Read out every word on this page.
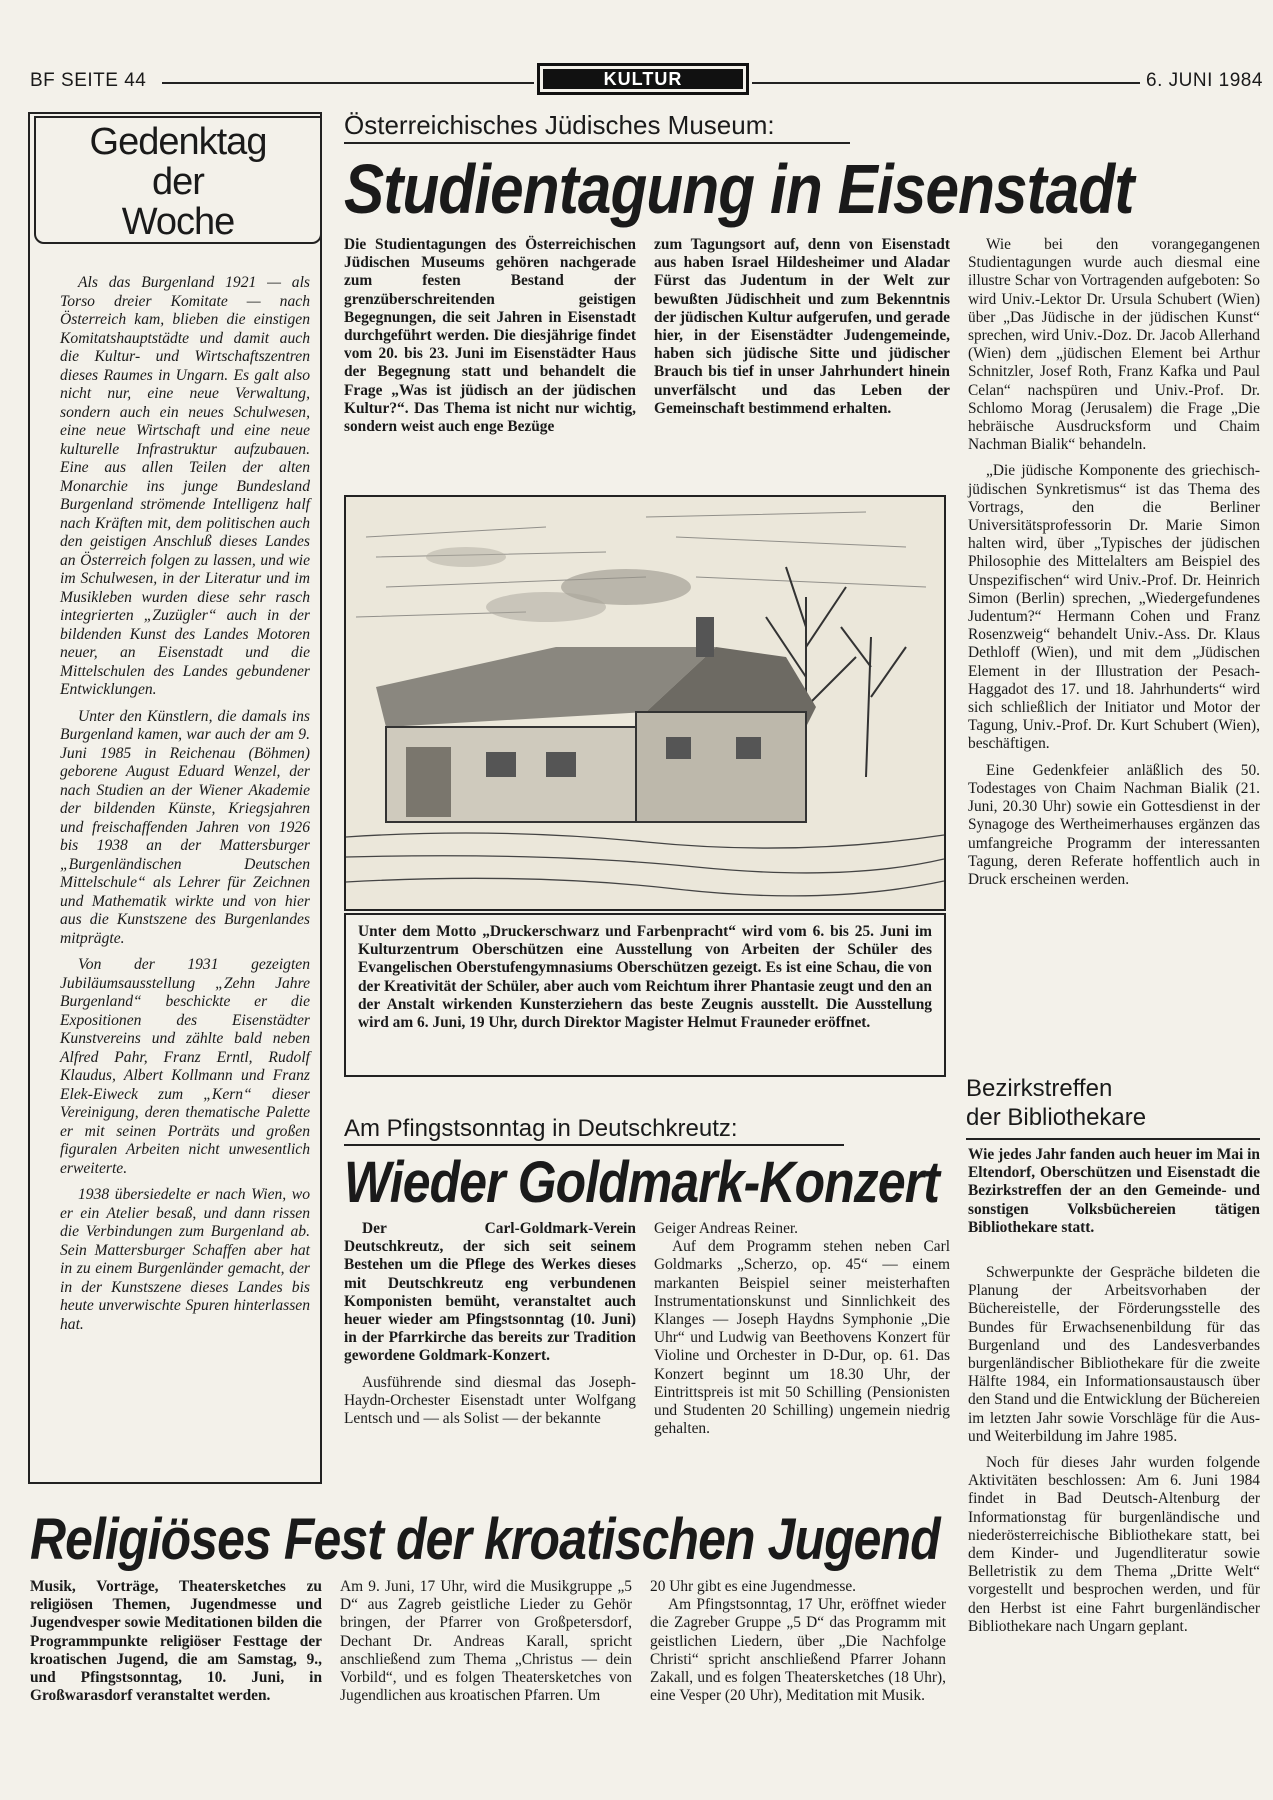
BF SEITE 44	KULTUR	6. JUNI 1984
Gedenktag
der
Woche

Als das Burgenland 1921 — als Torso dreier Komitate — nach Österreich kam, blieben die einstigen Komitatshauptstädte und damit auch die Kultur- und Wirtschaftszentren dieses Raumes in Ungarn. Es galt also nicht nur, eine neue Verwaltung, sondern auch ein neues Schulwesen, eine neue Wirtschaft und eine neue kulturelle Infrastruktur aufzubauen. Eine aus allen Teilen der alten Monarchie ins junge Bundesland Burgenland strömende Intelligenz half nach Kräften mit, dem politischen auch den geistigen Anschluß dieses Landes an Österreich folgen zu lassen, und wie im Schulwesen, in der Literatur und im Musikleben wurden diese sehr rasch integrierten „Zuzügler“ auch in der bildenden Kunst des Landes Motoren neuer, an Eisenstadt und die Mittelschulen des Landes gebundener Entwicklungen.

Unter den Künstlern, die damals ins Burgenland kamen, war auch der am 9. Juni 1985 in Reichenau (Böhmen) geborene August Eduard Wenzel, der nach Studien an der Wiener Akademie der bildenden Künste, Kriegsjahren und freischaffenden Jahren von 1926 bis 1938 an der Mattersburger „Burgenländischen Deutschen Mittelschule“ als Lehrer für Zeichnen und Mathematik wirkte und von hier aus die Kunstszene des Burgenlandes mitprägte.

Von der 1931 gezeigten Jubiläumsausstellung „Zehn Jahre Burgenland“ beschickte er die Expositionen des Eisenstädter Kunstvereins und zählte bald neben Alfred Pahr, Franz Erntl, Rudolf Klaudus, Albert Kollmann und Franz Elek-Eiweck zum „Kern“ dieser Vereinigung, deren thematische Palette er mit seinen Porträts und großen figuralen Arbeiten nicht unwesentlich erweiterte.

1938 übersiedelte er nach Wien, wo er ein Atelier besaß, und dann rissen die Verbindungen zum Burgenland ab. Sein Mattersburger Schaffen aber hat in zu einem Burgenländer gemacht, der in der Kunstszene dieses Landes bis heute unverwischte Spuren hinterlassen hat.

Österreichisches Jüdisches Museum:
Studientagung in Eisenstadt
Die Studientagungen des Österreichischen Jüdischen Museums gehören nachgerade zum festen Bestand der grenzüberschreitenden geistigen Begegnungen, die seit Jahren in Eisenstadt durchgeführt werden. Die diesjährige findet vom 20. bis 23. Juni im Eisenstädter Haus der Begegnung statt und behandelt die Frage „Was ist jüdisch an der jüdischen Kultur?“. Das Thema ist nicht nur wichtig, sondern weist auch enge Bezüge
zum Tagungsort auf, denn von Eisenstadt aus haben Israel Hildesheimer und Aladar Fürst das Judentum in der Welt zur bewußten Jüdischheit und zum Bekenntnis der jüdischen Kultur aufgerufen, und gerade hier, in der Eisenstädter Judengemeinde, haben sich jüdische Sitte und jüdischer Brauch bis tief in unser Jahrhundert hinein unverfälscht und das Leben der Gemeinschaft bestimmend erhalten.

Wie bei den vorangegangenen Studientagungen wurde auch diesmal eine illustre Schar von Vortragenden aufgeboten: So wird Univ.-Lektor Dr. Ursula Schubert (Wien) über „Das Jüdische in der jüdischen Kunst“ sprechen, wird Univ.-Doz. Dr. Jacob Allerhand (Wien) dem „jüdischen Element bei Arthur Schnitzler, Josef Roth, Franz Kafka und Paul Celan“ nachspüren und Univ.-Prof. Dr. Schlomo Morag (Jerusalem) die Frage „Die hebräische Ausdrucksform und Chaim Nachman Bialik“ behandeln.

„Die jüdische Komponente des griechisch-jüdischen Synkretismus“ ist das Thema des Vortrags, den die Berliner Universitätsprofessorin Dr. Marie Simon halten wird, über „Typisches der jüdischen Philosophie des Mittelalters am Beispiel des Unspezifischen“ wird Univ.-Prof. Dr. Heinrich Simon (Berlin) sprechen, „Wiedergefundenes Judentum?“ Hermann Cohen und Franz Rosenzweig“ behandelt Univ.-Ass. Dr. Klaus Dethloff (Wien), und mit dem „Jüdischen Element in der Illustration der Pesach-Haggadot des 17. und 18. Jahrhunderts“ wird sich schließlich der Initiator und Motor der Tagung, Univ.-Prof. Dr. Kurt Schubert (Wien), beschäftigen.

Eine Gedenkfeier anläßlich des 50. Todestages von Chaim Nachman Bialik (21. Juni, 20.30 Uhr) sowie ein Gottesdienst in der Synagoge des Wertheimerhauses ergänzen das umfangreiche Programm der interessanten Tagung, deren Referate hoffentlich auch in Druck erscheinen werden.

Unter dem Motto „Druckerschwarz und Farbenpracht“ wird vom 6. bis 25. Juni im Kulturzentrum Oberschützen eine Ausstellung von Arbeiten der Schüler des Evangelischen Oberstufengymnasiums Oberschützen gezeigt. Es ist eine Schau, die von der Kreativität der Schüler, aber auch vom Reichtum ihrer Phantasie zeugt und den an der Anstalt wirkenden Kunsterziehern das beste Zeugnis ausstellt. Die Ausstellung wird am 6. Juni, 19 Uhr, durch Direktor Magister Helmut Frauneder eröffnet.
Bezirkstreffen
der Bibliothekare
Wie jedes Jahr fanden auch heuer im Mai in Eltendorf, Oberschützen und Eisenstadt die Bezirkstreffen der an den Gemeinde- und sonstigen Volksbüchereien tätigen Bibliothekare statt.

Schwerpunkte der Gespräche bildeten die Planung der Arbeitsvorhaben der Büchereistelle, der Förderungsstelle des Bundes für Erwachsenenbildung für das Burgenland und des Landesverbandes burgenländischer Bibliothekare für die zweite Hälfte 1984, ein Informationsaustausch über den Stand und die Entwicklung der Büchereien im letzten Jahr sowie Vorschläge für die Aus- und Weiterbildung im Jahre 1985.

Noch für dieses Jahr wurden folgende Aktivitäten beschlossen: Am 6. Juni 1984 findet in Bad Deutsch-Altenburg der Informationstag für burgenländische und niederösterreichische Bibliothekare statt, bei dem Kinder- und Jugendliteratur sowie Belletristik zu dem Thema „Dritte Welt“ vorgestellt und besprochen werden, und für den Herbst ist eine Fahrt burgenländischer Bibliothekare nach Ungarn geplant.

Am Pfingstsonntag in Deutschkreutz:
Wieder Goldmark-Konzert

Der Carl-Goldmark-Verein Deutschkreutz, der sich seit seinem Bestehen um die Pflege des Werkes dieses mit Deutschkreutz eng verbundenen Komponisten bemüht, veranstaltet auch heuer wieder am Pfingstsonntag (10. Juni) in der Pfarrkirche das bereits zur Tradition gewordene Goldmark-Konzert.

Ausführende sind diesmal das Joseph-Haydn-Orchester Eisenstadt unter Wolfgang Lentsch und — als Solist — der bekannte

Geiger Andreas Reiner.

Auf dem Programm stehen neben Carl Goldmarks „Scherzo, op. 45“ — einem markanten Beispiel seiner meisterhaften Instrumentationskunst und Sinnlichkeit des Klanges — Joseph Haydns Symphonie „Die Uhr“ und Ludwig van Beethovens Konzert für Violine und Orchester in D-Dur, op. 61. Das Konzert beginnt um 18.30 Uhr, der Eintrittspreis ist mit 50 Schilling (Pensionisten und Studenten 20 Schilling) ungemein niedrig gehalten.

Religiöses Fest der kroatischen Jugend
Musik, Vorträge, Theatersketches zu religiösen Themen, Jugendmesse und Jugendvesper sowie Meditationen bilden die Programmpunkte religiöser Festtage der kroatischen Jugend, die am Samstag, 9., und Pfingstsonntag, 10. Juni, in Großwarasdorf veranstaltet werden.
Am 9. Juni, 17 Uhr, wird die Musikgruppe „5 D“ aus Zagreb geistliche Lieder zu Gehör bringen, der Pfarrer von Großpetersdorf, Dechant Dr. Andreas Karall, spricht anschließend zum Thema „Christus — dein Vorbild“, und es folgen Theatersketches von Jugendlichen aus kroatischen Pfarren. Um

20 Uhr gibt es eine Jugendmesse.

Am Pfingstsonntag, 17 Uhr, eröffnet wieder die Zagreber Gruppe „5 D“ das Programm mit geistlichen Liedern, über „Die Nachfolge Christi“ spricht anschließend Pfarrer Johann Zakall, und es folgen Theatersketches (18 Uhr), eine Vesper (20 Uhr), Meditation mit Musik.
